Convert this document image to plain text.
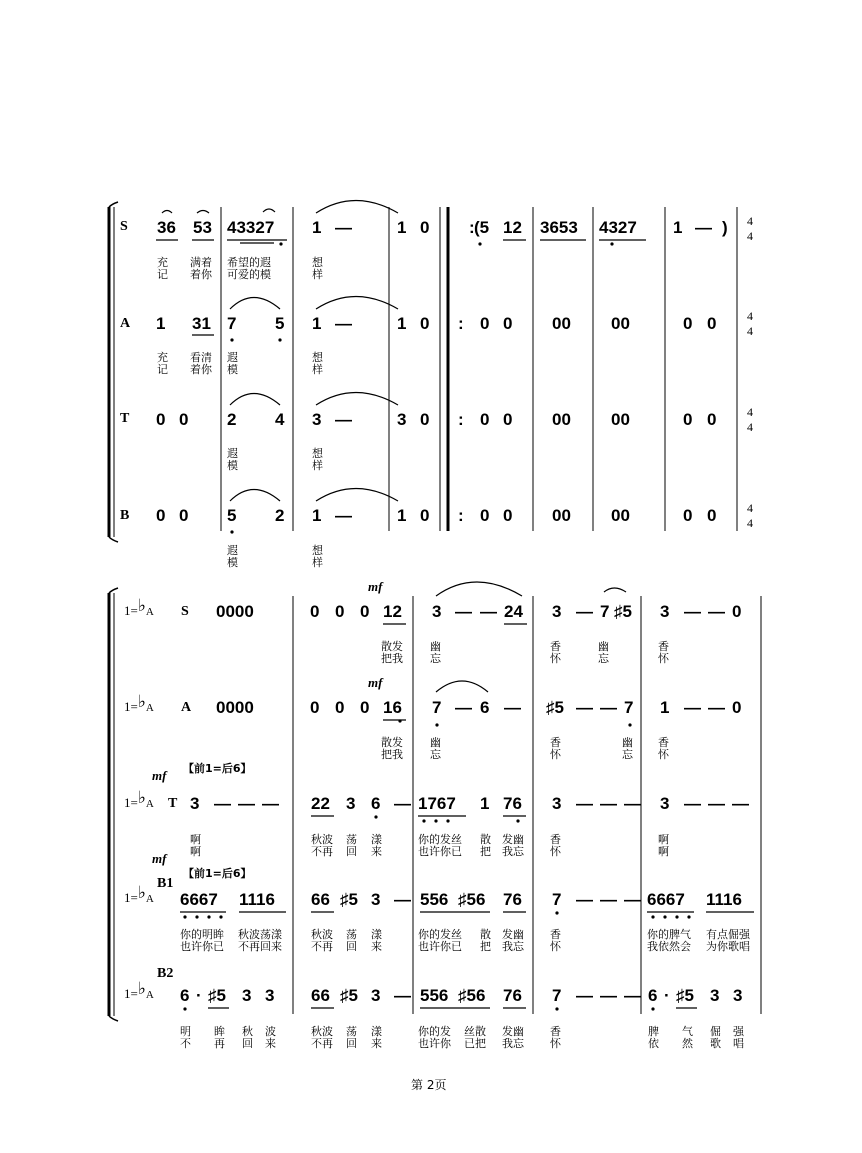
S 36 53 43327 1 —	1 0 : (5 12 3653 4327 1 — )
充 满着 希望的遐	想
记 着你 可爱的模	样
4
4
A 1 31 7 5 1 —	1 0 : 0 0 00 00	0 0
充 看清 遐	想
记 着你 模	样
4
4
T 0 0 2 4 3 —	3 0 : 0 0 00 00	0 0
遐	想
模	样
4
4
B 0 0 5 2 1 —	1 0 : 0 0 00 00	0 0
遐	想
模	样
4
4
1=♭A S 0000	0 0 0 12 3 — — 24 3 — 7 ♯5 3 — — 0
mf
散发 幽	香	幽	香
把我 忘	怀	忘	怀
1=♭A A 0000	0 0 0 16 7 — 6 — ♯5 — — 7 1 — — 0
mf
散发 幽	香	幽 香
把我 忘	怀	忘 怀
【前1=后6】
mf
1=♭A T 3 — — — 22 3 6 — 1767 1 76 3 — — — 3 — — —
啊	秋波 荡 漾	你的发丝 散 发幽 香	啊
啊	不再 回 来	也许你已 把 我忘 怀	啊
mf
【前1=后6】
1=♭A
B1
6667 1116 66 ♯5 3 — 556 ♯56 76 7 — — — 6667 1116
你的明眸 秋波荡漾	秋波 荡 漾	你的发丝 散 发幽 香	你的脾气 有点倔强
也许你已 不再回来	不再 回 来	也许你已 把 我忘 怀	我依然会 为你歌唱
1=♭A
B2
6 · ♯5 3 3 66 ♯5 3 — 556 ♯56 76 7 — — — 6 · ♯5 3 3
明 眸 秋 波	秋波 荡 漾	你的发 丝散 发幽 香	脾 气 倔 强
不 再 回 来	不再 回 来	也许你 已把 我忘 怀	依 然 歌 唱
第 2页
